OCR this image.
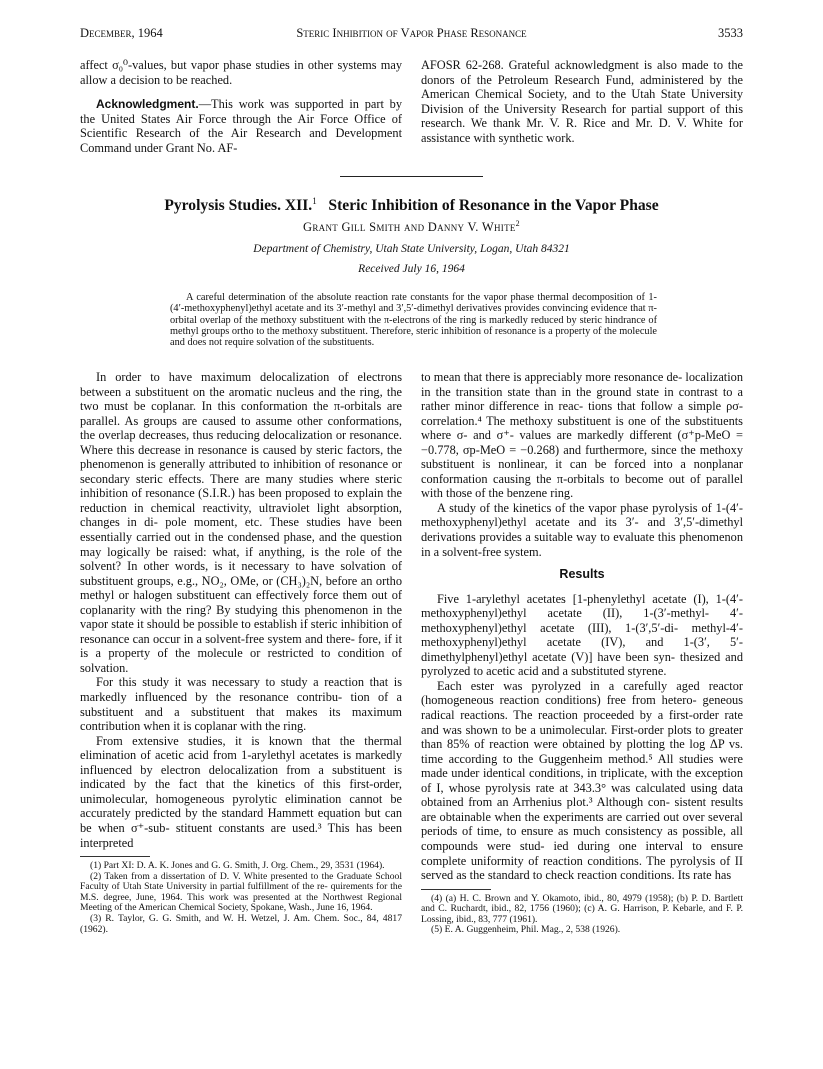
December, 1964	Steric Inhibition of Vapor Phase Resonance	3533

affect σ₀⁰-values, but vapor phase studies in other systems may allow a decision to be reached.

Acknowledgment.—This work was supported in part by the United States Air Force through the Air Force Office of Scientific Research of the Air Research and Development Command under Grant No. AF-

AFOSR 62-268. Grateful acknowledgment is also made to the donors of the Petroleum Research Fund, administered by the American Chemical Society, and to the Utah State University Division of the University Research for partial support of this research. We thank Mr. V. R. Rice and Mr. D. V. White for assistance with synthetic work.

Pyrolysis Studies. XII.$^1$ Steric Inhibition of Resonance in the Vapor Phase
Grant Gill Smith and Danny V. White$^2$
Department of Chemistry, Utah State University, Logan, Utah 84321
Received July 16, 1964

A careful determination of the absolute reaction rate constants for the vapor phase thermal decomposition of 1-(4′-methoxyphenyl)ethyl acetate and its 3′-methyl and 3′,5′-dimethyl derivatives provides convincing evidence that π-orbital overlap of the methoxy substituent with the π-electrons of the ring is markedly reduced by steric hindrance of methyl groups ortho to the methoxy substituent. Therefore, steric inhibition of resonance is a property of the molecule and does not require solvation of the substituents.

In order to have maximum delocalization of electrons between a substituent on the aromatic nucleus and the ring, the two must be coplanar. In this conformation the π-orbitals are parallel. As groups are caused to assume other conformations, the overlap decreases, thus reducing delocalization or resonance. Where this decrease in resonance is caused by steric factors, the phenomenon is generally attributed to inhibition of resonance or secondary steric effects. There are many studies where steric inhibition of resonance (S.I.R.) has been proposed to explain the reduction in chemical reactivity, ultraviolet light absorption, changes in di- pole moment, etc. These studies have been essentially carried out in the condensed phase, and the question may logically be raised: what, if anything, is the role of the solvent? In other words, is it necessary to have solvation of substituent groups, e.g., NO₂, OMe, or (CH₃)₂N, before an ortho methyl or halogen substituent can effectively force them out of coplanarity with the ring? By studying this phenomenon in the vapor state it should be possible to establish if steric inhibition of resonance can occur in a solvent-free system and there- fore, if it is a property of the molecule or restricted to condition of solvation.

For this study it was necessary to study a reaction that is markedly influenced by the resonance contribu- tion of a substituent and a substituent that makes its maximum contribution when it is coplanar with the ring.

From extensive studies, it is known that the thermal elimination of acetic acid from 1-arylethyl acetates is markedly influenced by electron delocalization from a substituent is indicated by the fact that the kinetics of this first-order, unimolecular, homogeneous pyrolytic elimination cannot be accurately predicted by the standard Hammett equation but can be when σ⁺-sub- stituent constants are used.³ This has been interpreted

(1) Part XI: D. A. K. Jones and G. G. Smith, J. Org. Chem., 29, 3531 (1964).

(2) Taken from a dissertation of D. V. White presented to the Graduate School Faculty of Utah State University in partial fulfillment of the re- quirements for the M.S. degree, June, 1964. This work was presented at the Northwest Regional Meeting of the American Chemical Society, Spokane, Wash., June 16, 1964.

(3) R. Taylor, G. G. Smith, and W. H. Wetzel, J. Am. Chem. Soc., 84, 4817 (1962).

to mean that there is appreciably more resonance de- localization in the transition state than in the ground state in contrast to a rather minor difference in reac- tions that follow a simple ρσ-correlation.⁴ The methoxy substituent is one of the substituents where σ- and σ⁺- values are markedly different (σ⁺p-MeO = −0.778, σp-MeO = −0.268) and furthermore, since the methoxy substituent is nonlinear, it can be forced into a nonplanar conformation causing the π-orbitals to become out of parallel with those of the benzene ring.

A study of the kinetics of the vapor phase pyrolysis of 1-(4′-methoxyphenyl)ethyl acetate and its 3′- and 3′,5′-dimethyl derivations provides a suitable way to evaluate this phenomenon in a solvent-free system.

Results

Five 1-arylethyl acetates [1-phenylethyl acetate (I), 1-(4′-methoxyphenyl)ethyl acetate (II), 1-(3′-methyl- 4′-methoxyphenyl)ethyl acetate (III), 1-(3′,5′-di- methyl-4′-methoxyphenyl)ethyl acetate (IV), and 1-(3′, 5′-dimethylphenyl)ethyl acetate (V)] have been syn- thesized and pyrolyzed to acetic acid and a substituted styrene.

Each ester was pyrolyzed in a carefully aged reactor (homogeneous reaction conditions) free from hetero- geneous radical reactions. The reaction proceeded by a first-order rate and was shown to be a unimolecular. First-order plots to greater than 85% of reaction were obtained by plotting the log ΔP vs. time according to the Guggenheim method.⁵ All studies were made under identical conditions, in triplicate, with the exception of I, whose pyrolysis rate at 343.3° was calculated using data obtained from an Arrhenius plot.³ Although con- sistent results are obtainable when the experiments are carried out over several periods of time, to ensure as much consistency as possible, all compounds were stud- ied during one interval to ensure complete uniformity of reaction conditions. The pyrolysis of II served as the standard to check reaction conditions. Its rate has

(4) (a) H. C. Brown and Y. Okamoto, ibid., 80, 4979 (1958); (b) P. D. Bartlett and C. Ruchardt, ibid., 82, 1756 (1960); (c) A. G. Harrison, P. Kebarle, and F. P. Lossing, ibid., 83, 777 (1961).

(5) E. A. Guggenheim, Phil. Mag., 2, 538 (1926).
